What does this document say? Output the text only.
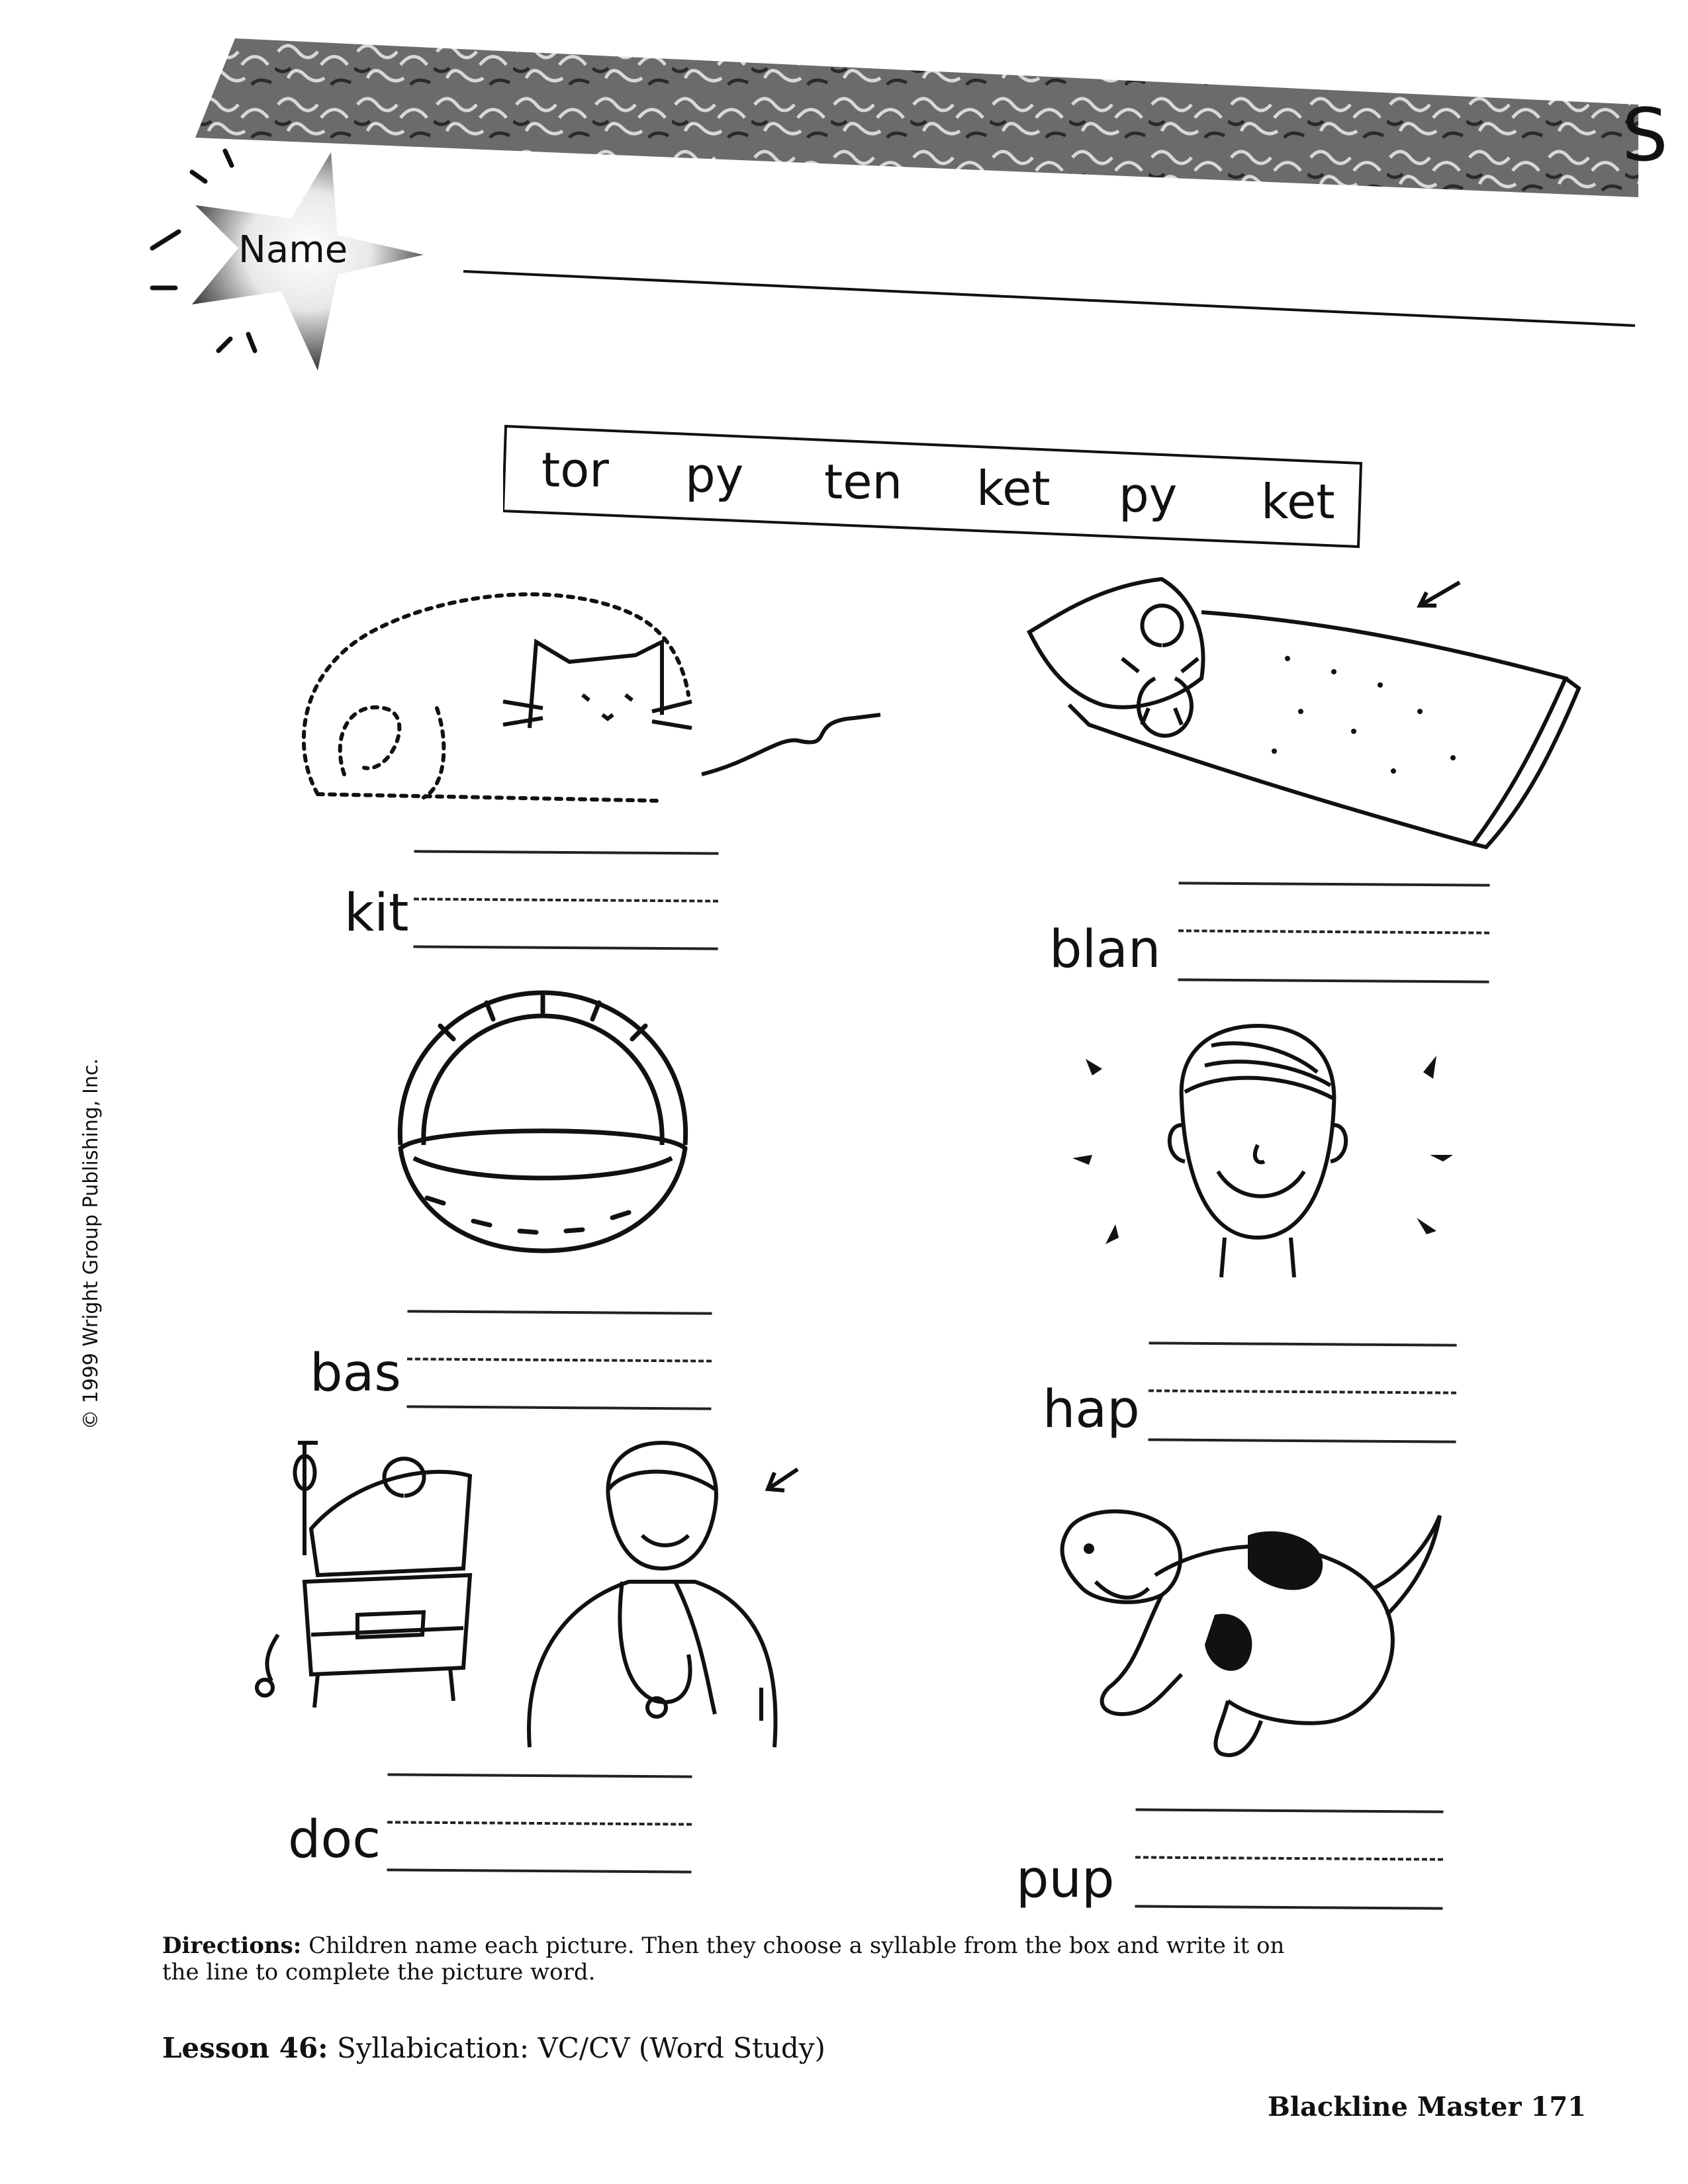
S
Name
tor py ten ket py ket
kit
blan
bas
hap
doc
pup
Directions: Children name each picture. Then they choose a syllable from the box and write it on the line to complete the picture word.
Lesson 46: Syllabication: VC/CV (Word Study)
Blackline Master 171
© 1999 Wright Group Publishing, Inc.
